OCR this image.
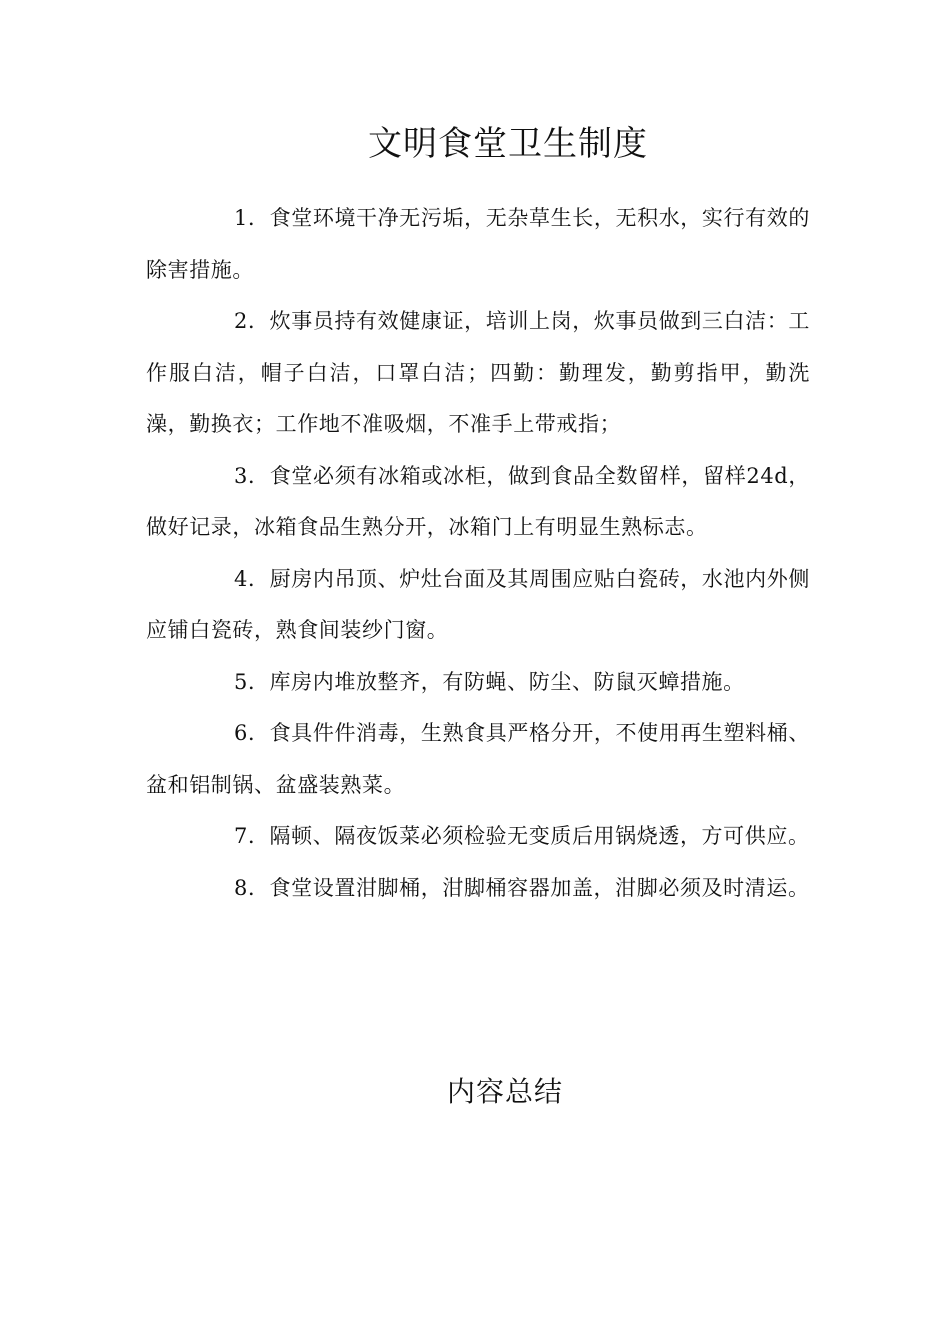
文明食堂卫生制度

1．食堂环境干净无污垢，无杂草生长，无积水，实行有效的除害措施。

2．炊事员持有效健康证，培训上岗，炊事员做到三白洁：工作服白洁，帽子白洁，口罩白洁；四勤：勤理发，勤剪指甲，勤洗澡，勤换衣；工作地不准吸烟，不准手上带戒指；

3．食堂必须有冰箱或冰柜，做到食品全数留样，留样24d，做好记录，冰箱食品生熟分开，冰箱门上有明显生熟标志。

4．厨房内吊顶、炉灶台面及其周围应贴白瓷砖，水池内外侧应铺白瓷砖，熟食间装纱门窗。

5．库房内堆放整齐，有防蝇、防尘、防鼠灭蟑措施。

6．食具件件消毒，生熟食具严格分开，不使用再生塑料桶、盆和铝制锅、盆盛装熟菜。

7．隔顿、隔夜饭菜必须检验无变质后用锅烧透，方可供应。

8．食堂设置泔脚桶，泔脚桶容器加盖，泔脚必须及时清运。

内容总结
